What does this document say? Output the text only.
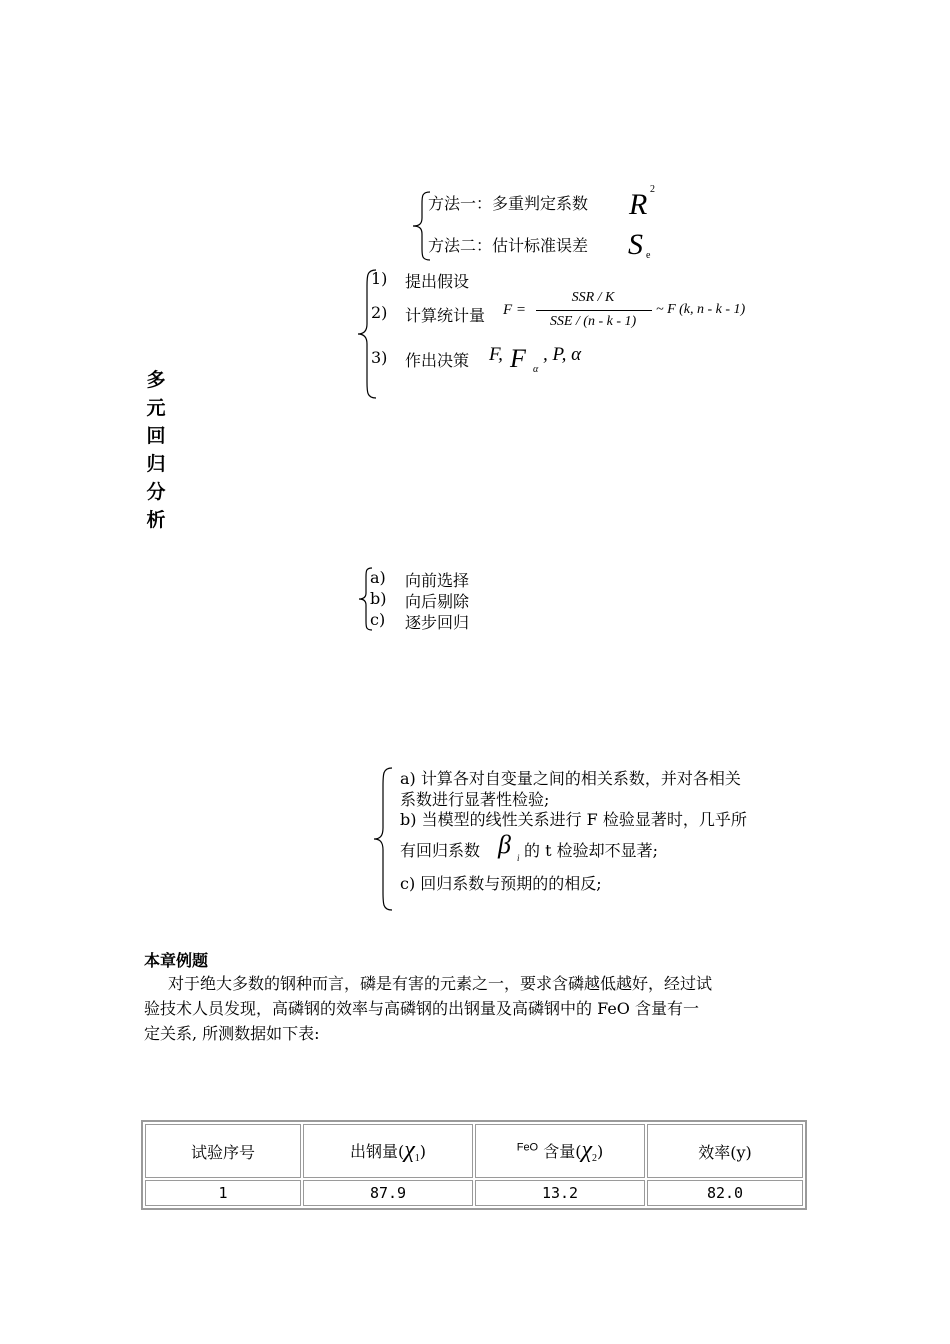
多
元
回
归
分
析
方法一：多重判定系数 R 2
方法二：估计标准误差 S e
1) 提出假设
2) 计算统计量 F =
SSR / K
SSE / (n - k - 1)
~ F (k, n - k - 1)
3) 作出决策 F, F α
, P, α
a) 向前选择
b) 向后剔除
c) 逐步回归
a) 计算各对自变量之间的相关系数，并对各相关
系数进行显著性检验;
b) 当模型的线性关系进行 F 检验显著时，几乎所
有回归系数 β i 的 t 检验却不显著;
c) 回归系数与预期的的相反;
本章例题
对于绝大多数的钢种而言，磷是有害的元素之一，要求含磷越低越好，经过试
验技术人员发现，高磷钢的效率与高磷钢的出钢量及高磷钢中的 FeO 含量有一
定关系, 所测数据如下表:
试验序号	出钢量$(\chi_1)$	$^{FeO}$ 含量$(\chi_2)$	效率(y)
1	87.9	13.2	82.0
